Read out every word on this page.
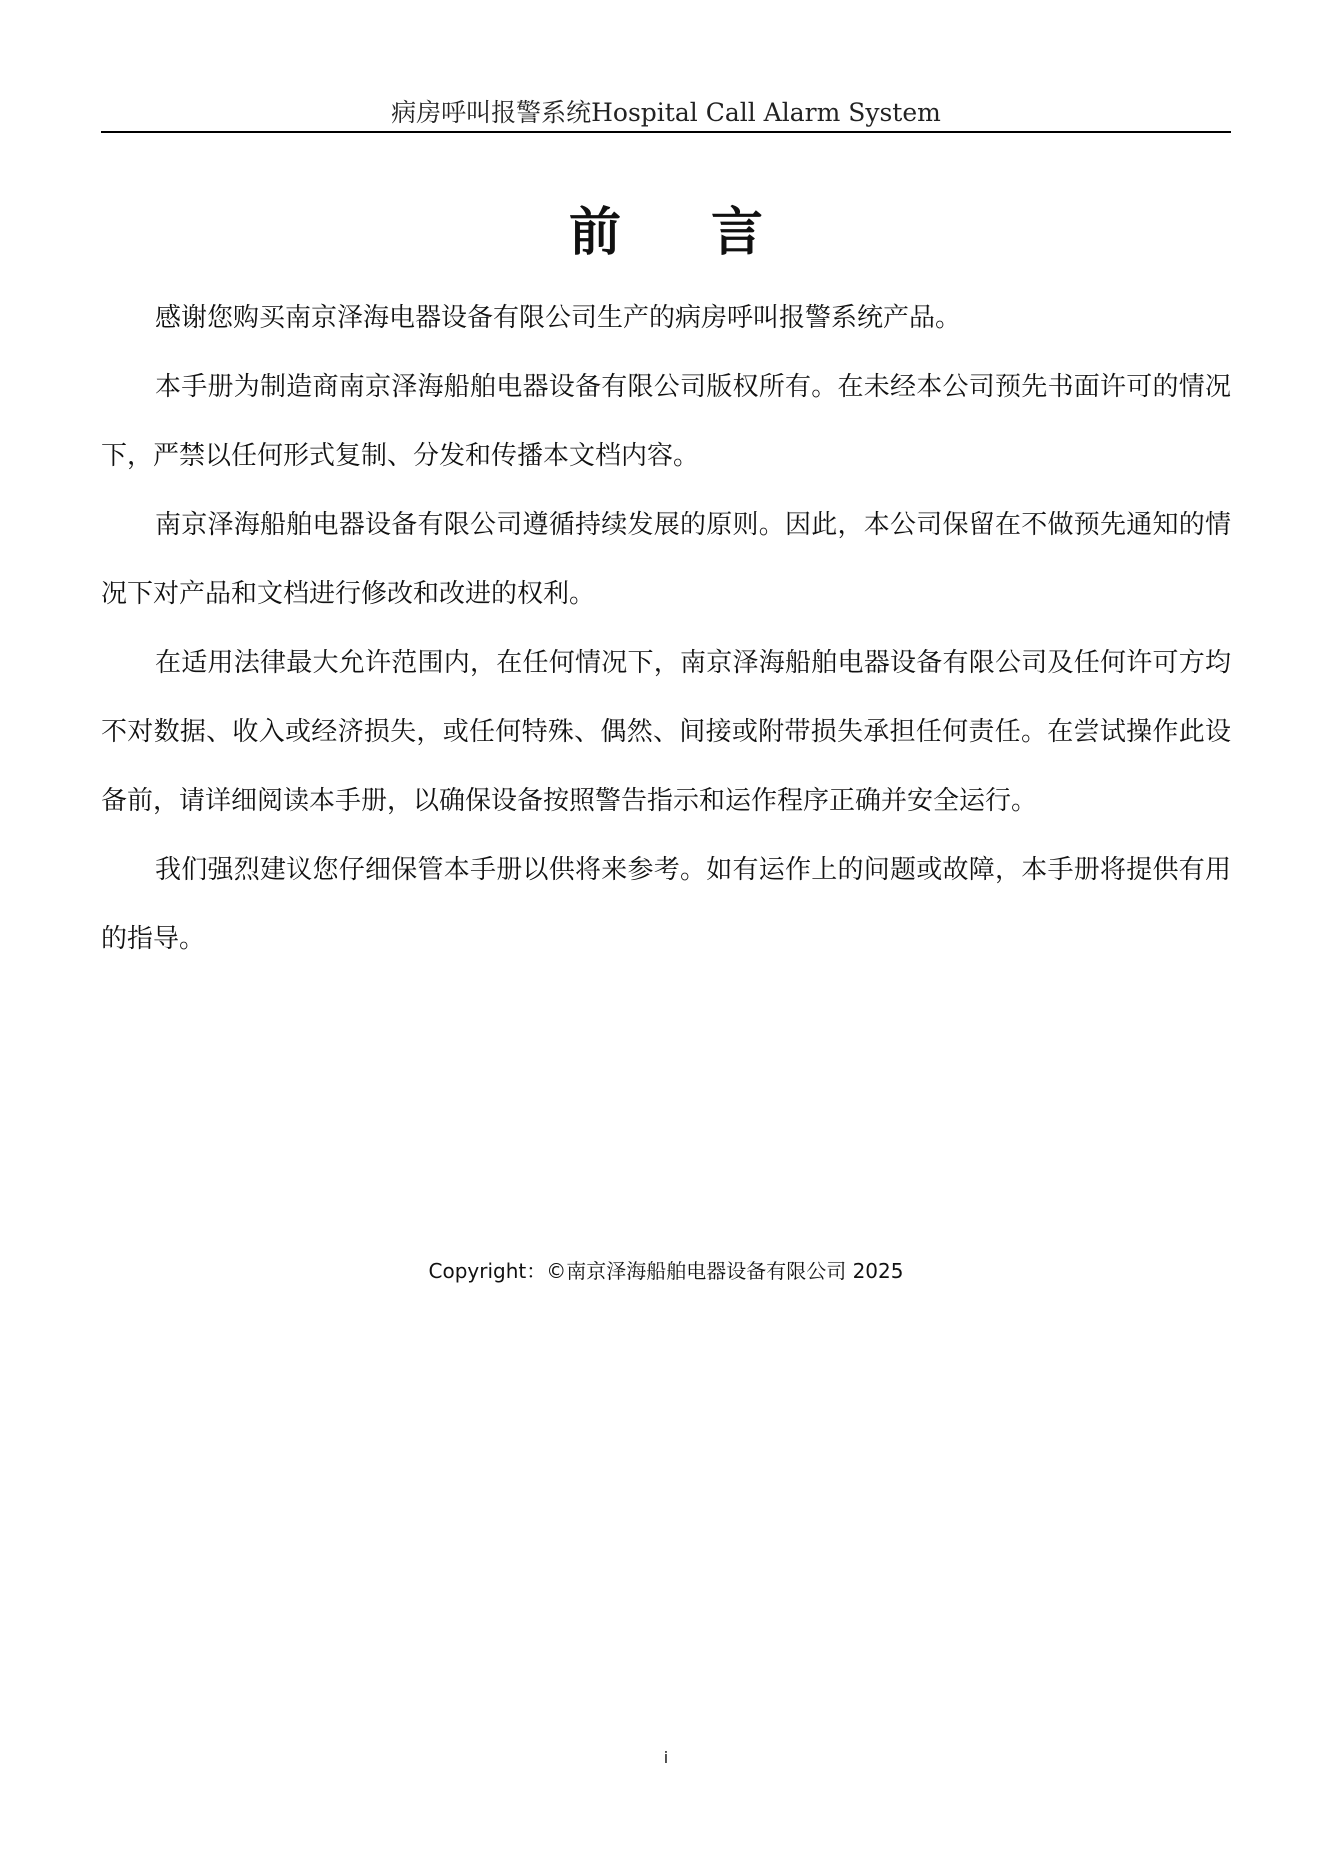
病房呼叫报警系统Hospital Call Alarm System
前 言

感谢您购买南京泽海电器设备有限公司生产的病房呼叫报警系统产品。

本手册为制造商南京泽海船舶电器设备有限公司版权所有。在未经本公司预先书面许可的情况下，严禁以任何形式复制、分发和传播本文档内容。

南京泽海船舶电器设备有限公司遵循持续发展的原则。因此，本公司保留在不做预先通知的情况下对产品和文档进行修改和改进的权利。

在适用法律最大允许范围内，在任何情况下，南京泽海船舶电器设备有限公司及任何许可方均不对数据、收入或经济损失，或任何特殊、偶然、间接或附带损失承担任何责任。在尝试操作此设备前，请详细阅读本手册，以确保设备按照警告指示和运作程序正确并安全运行。

我们强烈建议您仔细保管本手册以供将来参考。如有运作上的问题或故障，本手册将提供有用的指导。

Copyright：©南京泽海船舶电器设备有限公司 2025
i
